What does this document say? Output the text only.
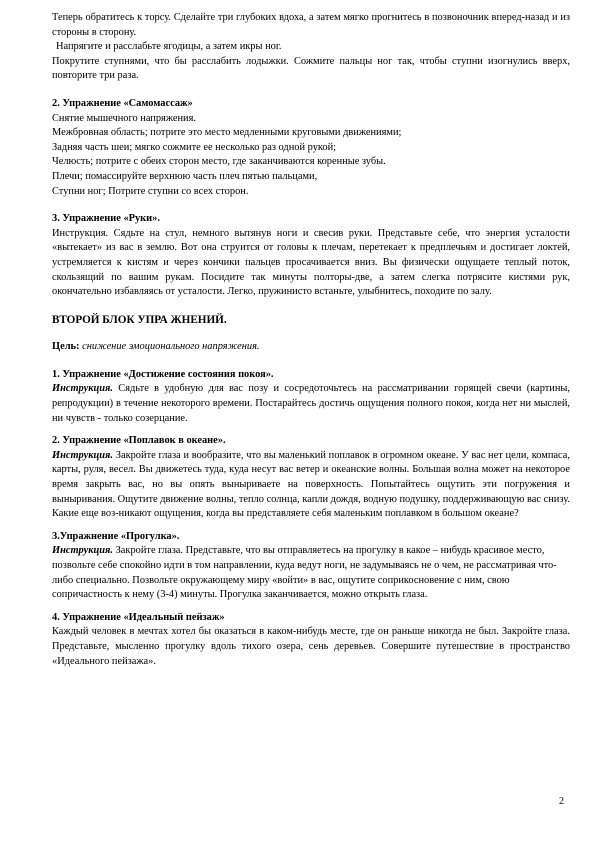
Теперь обратитесь к торсу. Сделайте три глубоких вдоха, а затем мягко прогнитесь в позвоночник вперед-назад и из стороны в сторону.

Напрягите и расслабьте ягодицы, а затем икры ног.

Покрутите ступнями, что бы расслабить лодыжки. Сожмите пальцы ног так, чтобы ступни изогнулись вверх, повторите три раза.

2. Упражнение «Самомассаж»

Снятие мышечного напряжения.

Межбровная область; потрите это место медленными круговыми движениями;

Задняя часть шеи; мягко сожмите ее несколько раз одной рукой;

Челюсть; потрите с обеих сторон место, где заканчиваются коренные зубы.

Плечи; помассируйте верхнюю часть плеч пятью пальцами,

Ступни ног; Потрите ступни со всех сторон.

3. Упражнение «Руки».

Инструкция. Сядьте на стул, немного вытянув ноги и свесив руки. Представьте себе, что энергия усталости «вытекает» из вас в землю. Вот она струится от головы к плечам, перетекает к предплечьям и достигает локтей, устремляется к кистям и через кончики пальцев просачивается вниз. Вы физически ощущаете теплый поток, скользящий по вашим рукам. Посидите так минуты полторы-две, а затем слегка потрясите кистями рук, окончательно избавляясь от усталости. Легко, пружинисто встаньте, улыбнитесь, походите по залу.

ВТОРОЙ БЛОК УПРА ЖНЕНИЙ.

Цель: снижение эмоционального напряжения.

1. Упражнение «Достижение состояния покоя».

Инструкция. Сядьте в удобную для вас позу и сосредоточьтесь на рассматривании горящей свечи (картины, репродукции) в течение некоторого времени. Постарайтесь достичь ощущения полного покоя, когда нет ни мыслей, ни чувств - только созерцание.

2. Упражнение «Поплавок в океане».

Инструкция. Закройте глаза и вообразите, что вы маленький поплавок в огромном океане. У вас нет цели, компаса, карты, руля, весел. Вы движетесь туда, куда несут вас ветер и океанские волны. Большая волна может на некоторое время закрыть вас, но вы опять выныриваете на поверхность. Попытайтесь ощутить эти погружения и выныривания. Ощутите движение волны, тепло солнца, капли дождя, водную подушку, поддерживающую вас снизу. Какие еще воз-никают ощущения, когда вы представляете себя маленьким поплавком в большом океане?

3.Упражнение «Прогулка».

Инструкция. Закройте глаза. Представьте, что вы отправляетесь на прогулку в какое – нибудь красивое место, позвольте себе спокойно идти в том направлении, куда ведут ноги, не задумываясь не о чем, не рассматривая что-либо специально. Позвольте окружающему миру «войти» в вас, ощутите соприкосновение с ним, свою сопричастность к нему (3-4) минуты. Прогулка заканчивается, можно открыть глаза.

4. Упражнение «Идеальный пейзаж»

Каждый человек в мечтах хотел бы оказаться в каком-нибудь месте, где он раньше никогда не был. Закройте глаза. Представьте, мысленно прогулку вдоль тихого озера, сень деревьев. Совершите путешествие в пространство «Идеального пейзажа».

2
